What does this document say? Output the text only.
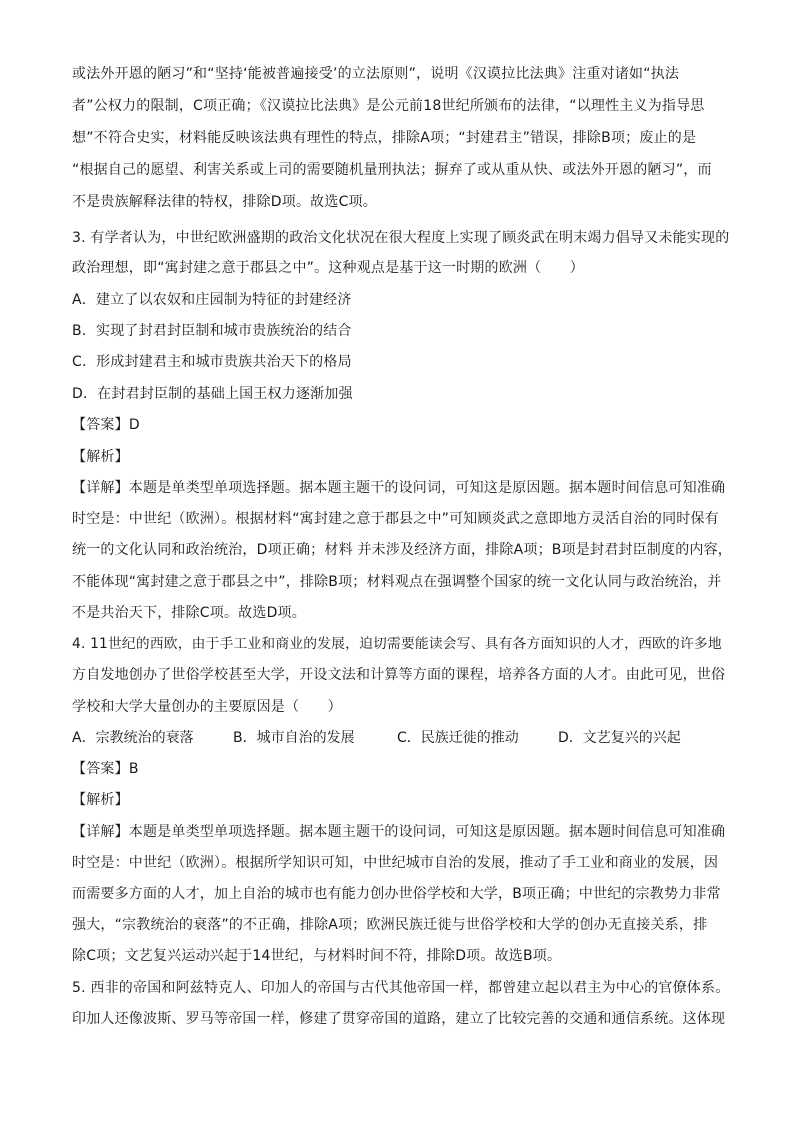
或法外开恩的陋习”和“坚持‘能被普遍接受’的立法原则”，说明《汉谟拉比法典》注重对诸如“执法
者”公权力的限制，C项正确；《汉谟拉比法典》是公元前18世纪所颁布的法律，“以理性主义为指导思
想”不符合史实，材料能反映该法典有理性的特点，排除A项；“封建君主”错误，排除B项；废止的是
“根据自己的愿望、利害关系或上司的需要随机量刑执法；摒弃了或从重从快、或法外开恩的陋习”，而
不是贵族解释法律的特权，排除D项。故选C项。
3. 有学者认为，中世纪欧洲盛期的政治文化状况在很大程度上实现了顾炎武在明末竭力倡导又未能实现的
政治理想，即“寓封建之意于郡县之中”。这种观点是基于这一时期的欧洲（　　）
A．建立了以农奴和庄园制为特征的封建经济
B．实现了封君封臣制和城市贵族统治的结合
C．形成封建君主和城市贵族共治天下的格局
D．在封君封臣制的基础上国王权力逐渐加强
【答案】D
【解析】
【详解】本题是单类型单项选择题。据本题主题干的设问词，可知这是原因题。据本题时间信息可知准确
时空是：中世纪（欧洲）。根据材料“寓封建之意于郡县之中”可知顾炎武之意即地方灵活自治的同时保有
统一的文化认同和政治统治，D项正确；材料 并未涉及经济方面，排除A项；B项是封君封臣制度的内容，
不能体现“寓封建之意于郡县之中”，排除B项；材料观点在强调整个国家的统一文化认同与政治统治，并
不是共治天下，排除C项。故选D项。
4. 11世纪的西欧，由于手工业和商业的发展，迫切需要能读会写、具有各方面知识的人才，西欧的许多地
方自发地创办了世俗学校甚至大学，开设文法和计算等方面的课程，培养各方面的人才。由此可见，世俗
学校和大学大量创办的主要原因是（　　）
A．宗教统治的衰落	B．城市自治的发展	C．民族迁徙的推动	D．文艺复兴的兴起
【答案】B
【解析】
【详解】本题是单类型单项选择题。据本题主题干的设问词，可知这是原因题。据本题时间信息可知准确
时空是：中世纪（欧洲）。根据所学知识可知，中世纪城市自治的发展，推动了手工业和商业的发展，因
而需要多方面的人才，加上自治的城市也有能力创办世俗学校和大学，B项正确；中世纪的宗教势力非常
强大，“宗教统治的衰落”的不正确，排除A项；欧洲民族迁徙与世俗学校和大学的创办无直接关系，排
除C项；文艺复兴运动兴起于14世纪，与材料时间不符，排除D项。故选B项。
5. 西非的帝国和阿兹特克人、印加人的帝国与古代其他帝国一样，都曾建立起以君主为中心的官僚体系。
印加人还像波斯、罗马等帝国一样，修建了贯穿帝国的道路，建立了比较完善的交通和通信系统。这体现
